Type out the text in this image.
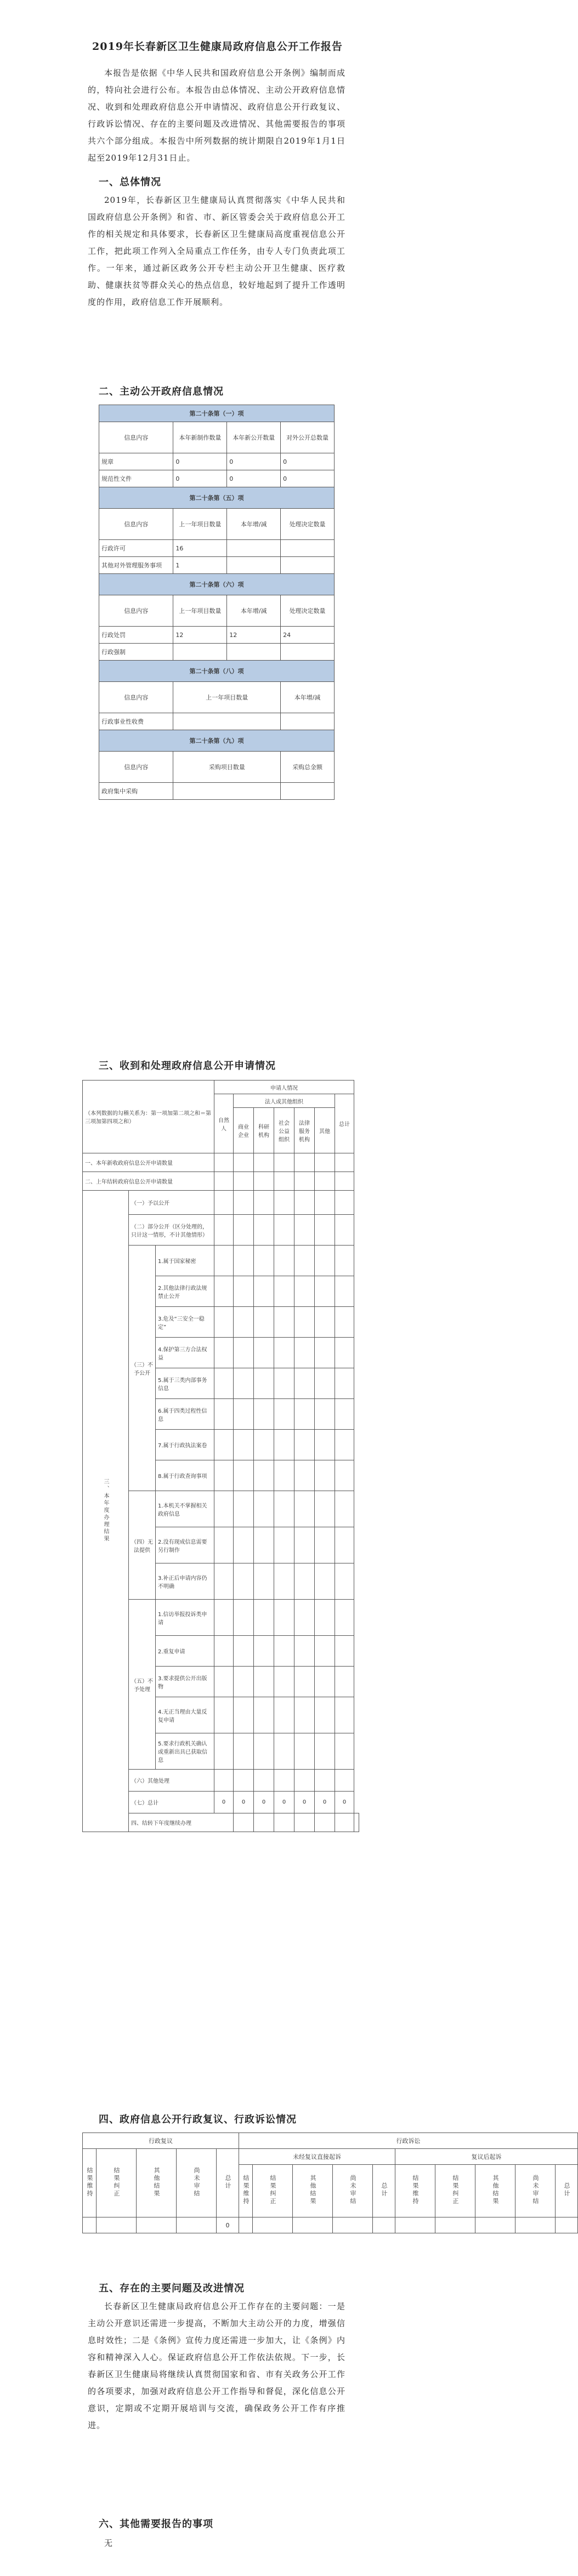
2019年长春新区卫生健康局政府信息公开工作报告
本报告是依据《中华人民共和国政府信息公开条例》编制而成的，特向社会进行公布。本报告由总体情况、主动公开政府信息情况、收到和处理政府信息公开申请情况、政府信息公开行政复议、行政诉讼情况、存在的主要问题及改进情况、其他需要报告的事项共六个部分组成。本报告中所列数据的统计期限自2019年1月1日起至2019年12月31日止。
一、总体情况
2019年，长春新区卫生健康局认真贯彻落实《中华人民共和国政府信息公开条例》和省、市、新区管委会关于政府信息公开工作的相关规定和具体要求，长春新区卫生健康局高度重视信息公开工作，把此项工作列入全局重点工作任务，由专人专门负责此项工作。一年来，通过新区政务公开专栏主动公开卫生健康、医疗救助、健康扶贫等群众关心的热点信息，较好地起到了提升工作透明度的作用，政府信息工作开展顺利。
二、主动公开政府信息情况
第二十条第（一）项			
信息内容	本年新制作数量	本年新公开数量	对外公开总数量
规章	0	0	0
规范性文件	0	0	0
第二十条第（五）项			
信息内容	上一年项目数量	本年增/减	处理决定数量
行政许可	16		
其他对外管理服务事项	1		
第二十条第（六）项			
信息内容	上一年项目数量	本年增/减	处理决定数量
行政处罚	12	12	24
行政强制			
第二十条第（八）项			
信息内容	上一年项目数量		本年增/减
行政事业性收费			
第二十条第（九）项			
信息内容	采购项目数量		采购总金额
政府集中采购			
三、收到和处理政府信息公开申请情况
（本列数据的勾稽关系为：第一项加第二项之和＝第三项加第四项之和）			申请人情况							
			自然人	法人或其他组织					总计	
				商业企业	科研机构	社会公益组织	法律服务机构	其他		
一、本年新收政府信息公开申请数量										
二、上年结转政府信息公开申请数量										
三、本年度办理结果	（一）予以公开									
	（二）部分公开（区分处理的，只计这一情形，不计其他情形）									
	（三）不予公开	1.属于国家秘密								
		2.其他法律行政法规禁止公开								
		3.危及“三安全一稳定”								
		4.保护第三方合法权益								
		5.属于三类内部事务信息								
		6.属于四类过程性信息								
		7.属于行政执法案卷								
		8.属于行政查询事项								
	（四）无法提供	1.本机关不掌握相关政府信息								
		2.没有现成信息需要另行制作								
		3.补正后申请内容仍不明确								
	（五）不予处理	1.信访举报投诉类申请								
		2.重复申请								
		3.要求提供公开出版物								
		4.无正当理由大量反复申请								
		5.要求行政机关确认或重新出具已获取信息								
	（六）其他处理									
	（七）总计		0	0	0	0	0	0	0	
	四、结转下年度继续办理									
四、政府信息公开行政复议、行政诉讼情况
行政复议					行政诉讼									
结果维持	结果纠正	其他结果	尚未审结	总计	未经复议直接起诉					复议后起诉				
					结果维持	结果纠正	其他结果	尚未审结	总计	结果维持	结果纠正	其他结果	尚未审结	总计
				0										
五、存在的主要问题及改进情况
长春新区卫生健康局政府信息公开工作存在的主要问题：一是主动公开意识还需进一步提高，不断加大主动公开的力度，增强信息时效性；二是《条例》宣传力度还需进一步加大，让《条例》内容和精神深入人心。保证政府信息公开工作依法依规。下一步，长春新区卫生健康局将继续认真贯彻国家和省、市有关政务公开工作的各项要求，加强对政府信息公开工作指导和督促，深化信息公开意识，定期或不定期开展培训与交流，确保政务公开工作有序推进。
六、其他需要报告的事项
无
